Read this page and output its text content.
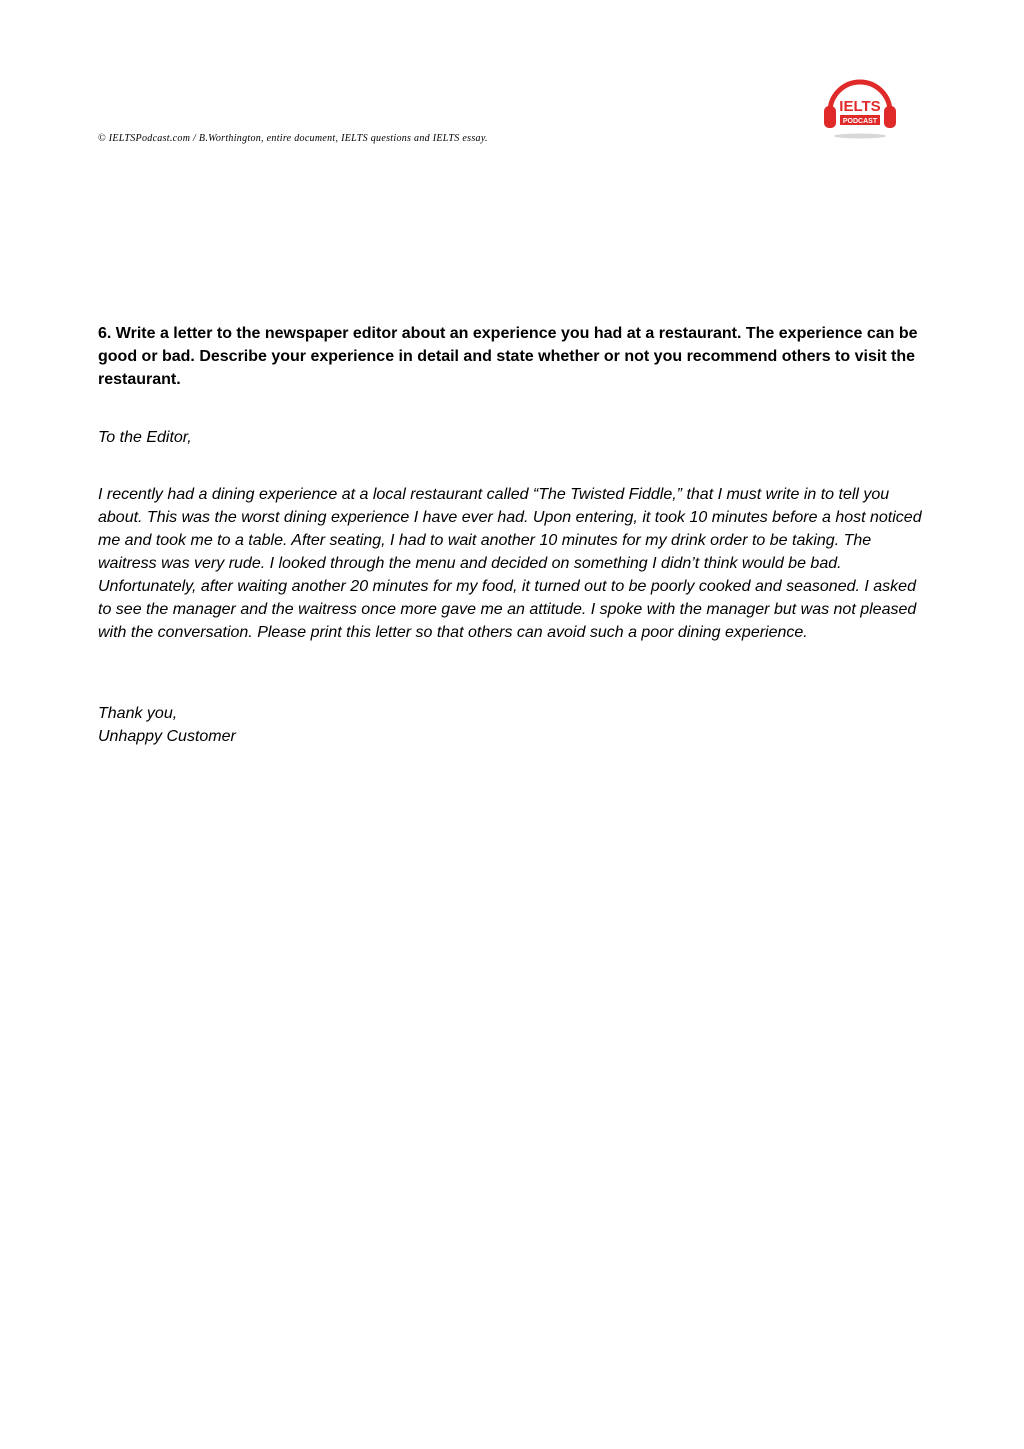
© IELTSPodcast.com / B.Worthington, entire document, IELTS questions and IELTS essay.
IELTS
PODCAST

6. Write a letter to the newspaper editor about an experience you had at a restaurant. The experience can be good or bad. Describe your experience in detail and state whether or not you recommend others to visit the restaurant.

To the Editor,

I recently had a dining experience at a local restaurant called “The Twisted Fiddle,” that I must write in to tell you about. This was the worst dining experience I have ever had. Upon entering, it took 10 minutes before a host noticed me and took me to a table. After seating, I had to wait another 10 minutes for my drink order to be taking. The waitress was very rude. I looked through the menu and decided on something I didn’t think would be bad. Unfortunately, after waiting another 20 minutes for my food, it turned out to be poorly cooked and seasoned. I asked to see the manager and the waitress once more gave me an attitude. I spoke with the manager but was not pleased with the conversation. Please print this letter so that others can avoid such a poor dining experience.

Thank you,
Unhappy Customer
